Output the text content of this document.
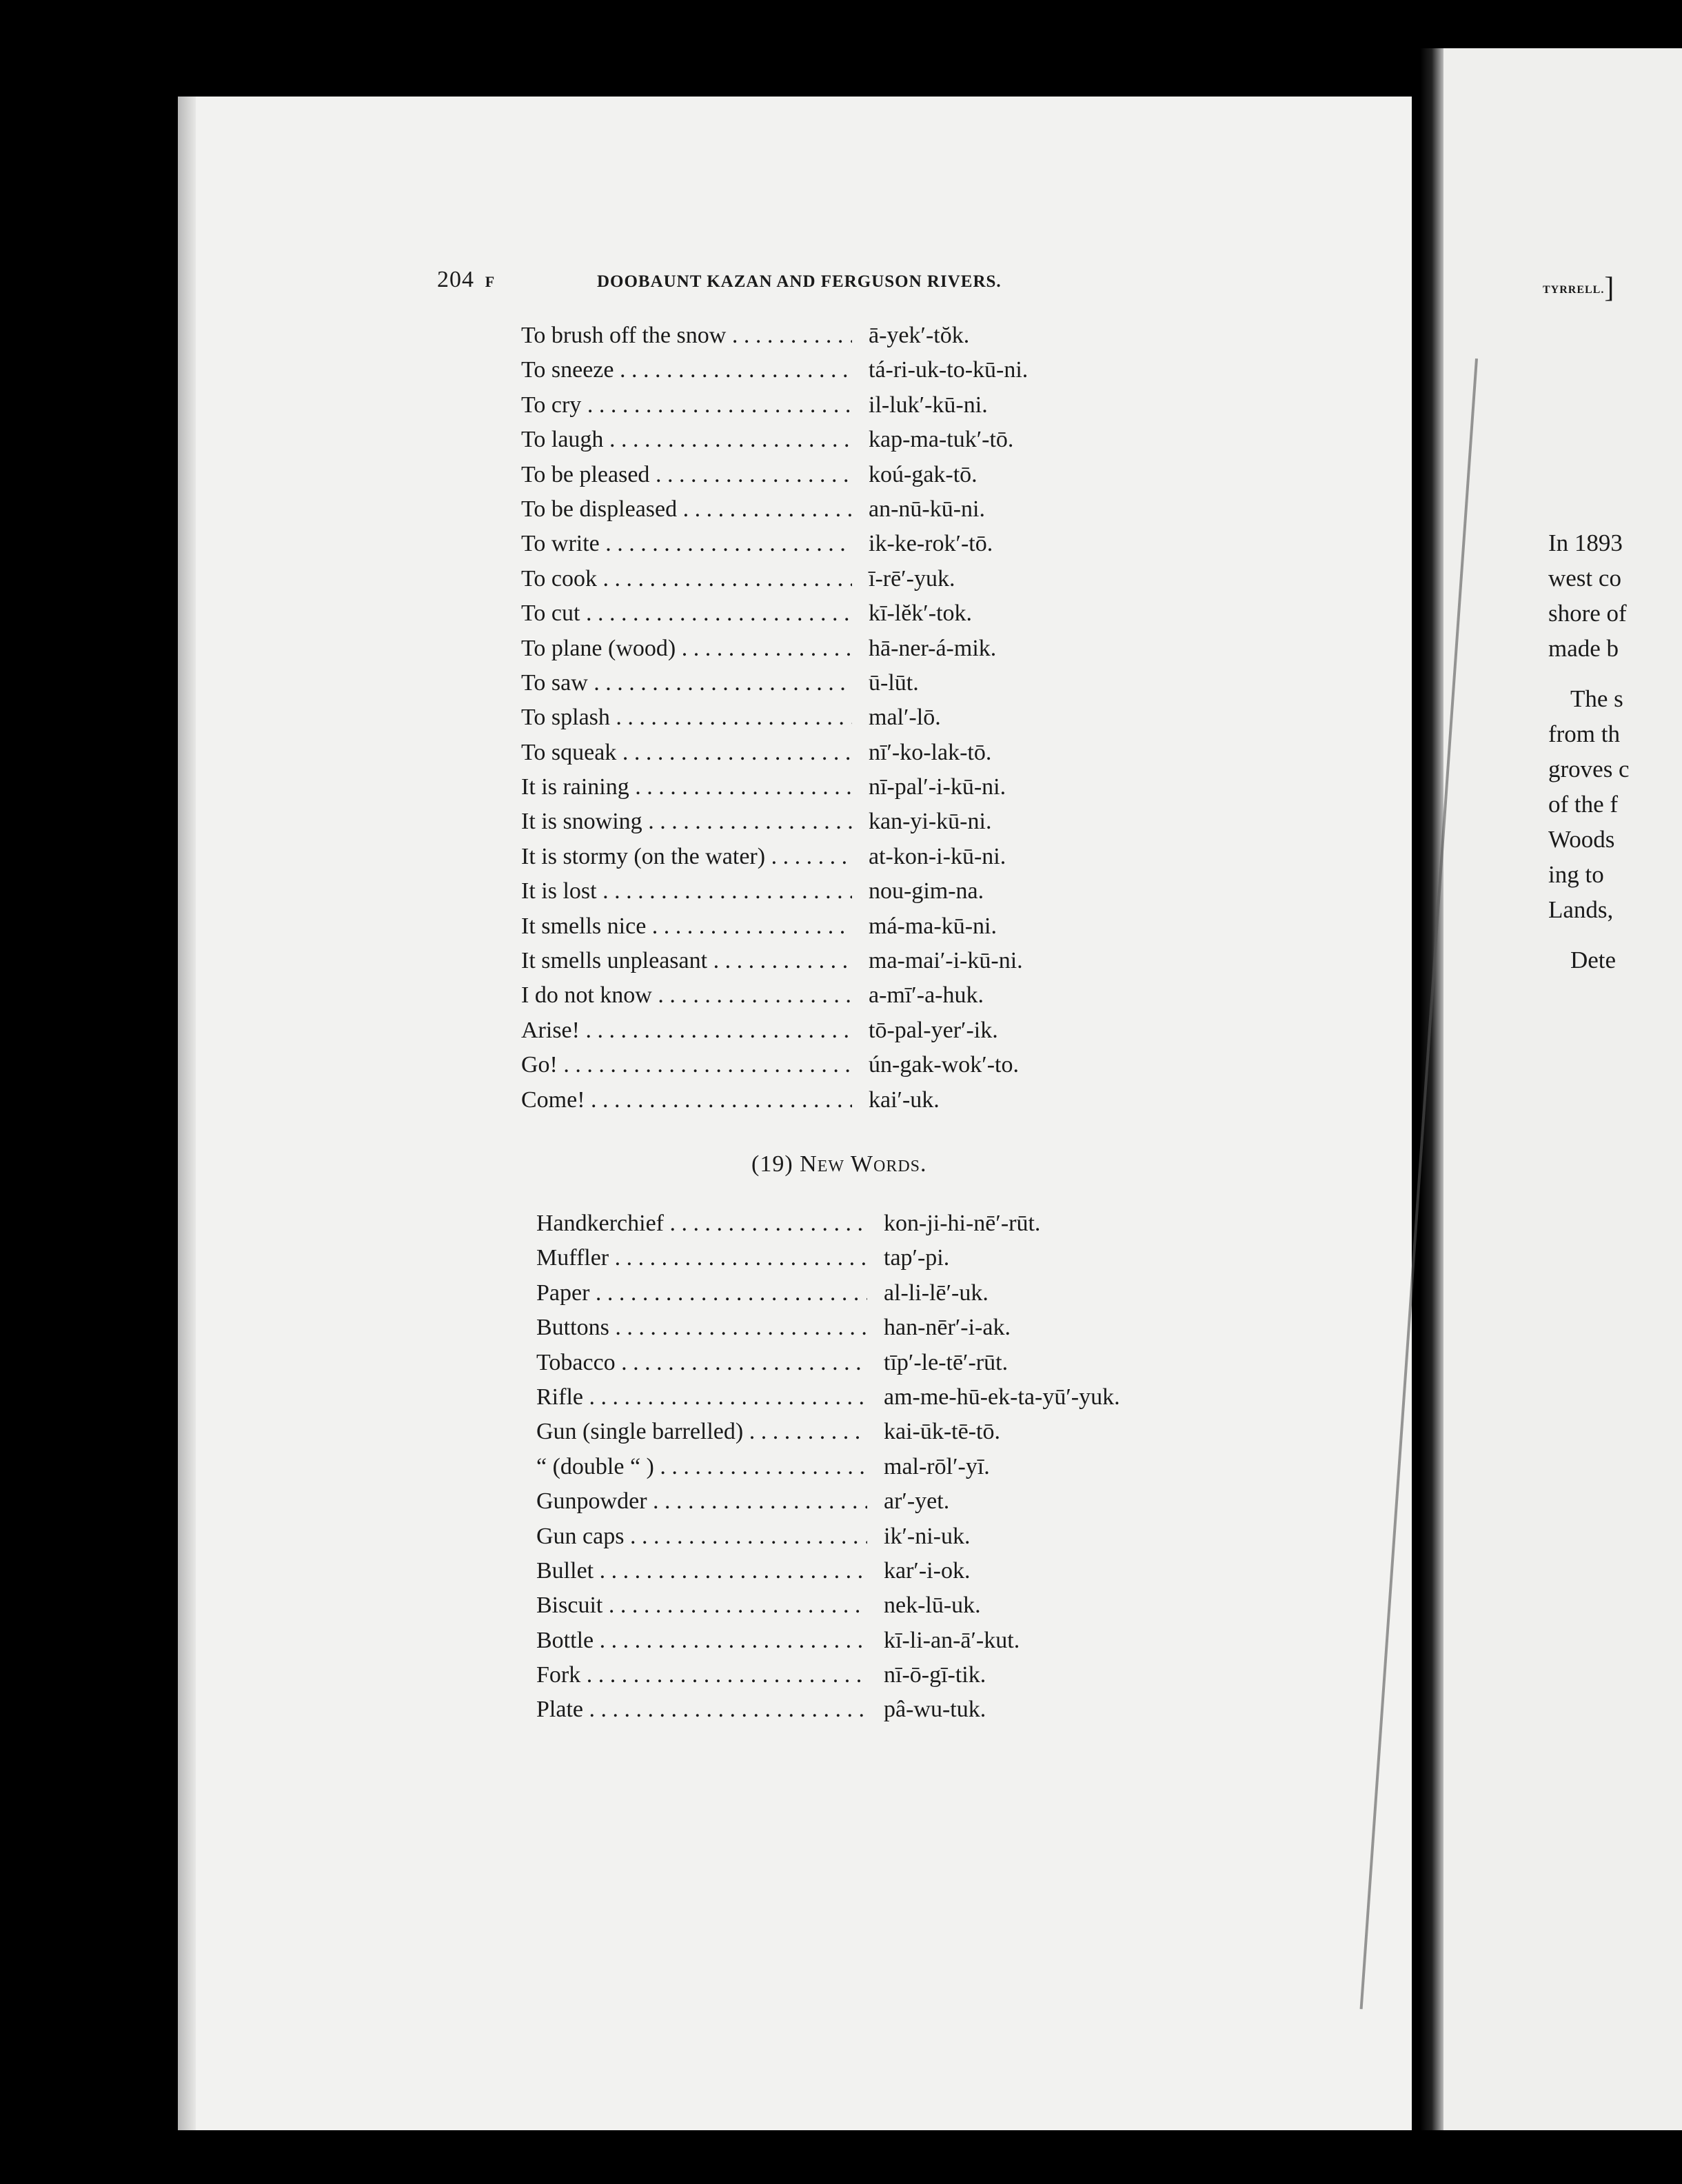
204 F	DOOBAUNT KAZAN AND FERGUSON RIVERS.
To brush off the snow . . .	ā-yek′-tŏk.
To sneeze . . .	tá-ri-uk-to-kū-ni.
To cry . . .	il-luk′-kū-ni.
To laugh . . .	kap-ma-tuk′-tō.
To be pleased . . .	koú-gak-tō.
To be displeased . . .	an-nū-kū-ni.
To write . . .	ik-ke-rok′-tō.
To cook . . .	ī-rē′-yuk.
To cut . . .	kī-lĕk′-tok.
To plane (wood) . . .	hā-ner-á-mik.
To saw . . .	ū-lūt.
To splash . . .	mal′-lō.
To squeak . . .	nī′-ko-lak-tō.
It is raining . . .	nī-pal′-i-kū-ni.
It is snowing . . .	kan-yi-kū-ni.
It is stormy (on the water) . . .	at-kon-i-kū-ni.
It is lost . . .	nou-gim-na.
It smells nice . . .	má-ma-kū-ni.
It smells unpleasant . . .	ma-mai′-i-kū-ni.
I do not know . . .	a-mī′-a-huk.
Arise! . . .	tō-pal-yer′-ik.
Go! . . .	ún-gak-wok′-to.
Come! . . .	kai′-uk.
(19) New Words.
Handkerchief . . .	kon-ji-hi-nē′-rūt.
Muffler . . .	tap′-pi.
Paper . . .	al-li-lē′-uk.
Buttons . . .	han-nēr′-i-ak.
Tobacco . . .	tīp′-le-tē′-rūt.
Rifle . . .	am-me-hū-ek-ta-yū′-yuk.
Gun (single barrelled) . . .	kai-ūk-tē-tō.
“ (double “ ) . . .	mal-rōl′-yī.
Gunpowder . . .	ar′-yet.
Gun caps . . .	ik′-ni-uk.
Bullet . . .	kar′-i-ok.
Biscuit . . .	nek-lū-uk.
Bottle . . .	kī-li-an-ā′-kut.
Fork . . .	nī-ō-gī-tik.
Plate . . .	pâ-wu-tuk.
TYRRELL.]

In 1893

west co

shore of

made b

The s

from th

groves c

of the f

Woods

ing to

Lands,

Dete
